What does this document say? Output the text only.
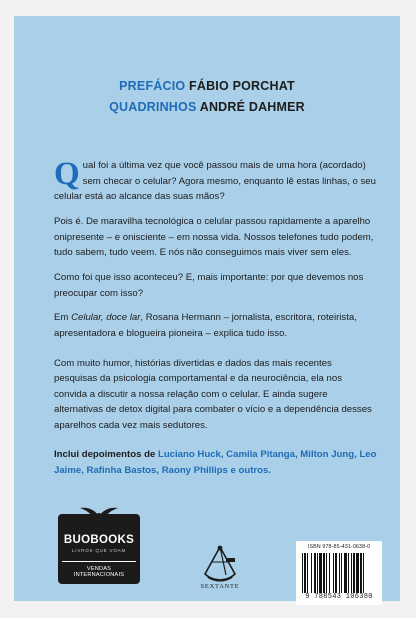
PREFÁCIO FÁBIO PORCHAT
QUADRINHOS ANDRÉ DAHMER

Qual foi a última vez que você passou mais de uma hora (acordado) sem checar o celular? Agora mesmo, enquanto lê estas linhas, o seu celular está ao alcance das suas mãos?

Pois é. De maravilha tecnológica o celular passou rapidamente a aparelho onipresente – e onisciente – em nossa vida. Nossos telefones tudo podem, tudo sabem, tudo veem. E nós não conseguimos mais viver sem eles.

Como foi que isso aconteceu? E, mais importante: por que devemos nos preocupar com isso?

Em Celular, doce lar, Rosana Hermann – jornalista, escritora, roteirista, apresentadora e blogueira pioneira – explica tudo isso.

Com muito humor, histórias divertidas e dados das mais recentes pesquisas da psicologia comportamental e da neurociência, ela nos convida a discutir a nossa relação com o celular. E ainda sugere alternativas de detox digital para combater o vício e a dependência desses aparelhos cada vez mais sedutores.

Inclui depoimentos de Luciano Huck, Camila Pitanga, Milton Jung, Leo Jaime, Rafinha Bastos, Raony Phillips e outros.

BUOBOOKS
LIVROS QUE VOAM
VENDAS INTERNACIONAIS
SEXTANTE
ISBN 978-85-431-0638-0
9 788543 106380
